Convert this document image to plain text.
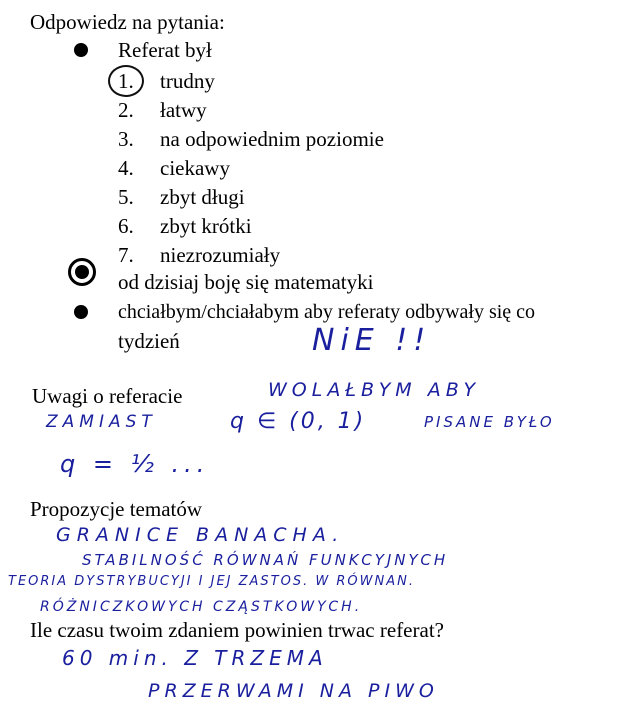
Odpowiedz na pytania:
Referat był
1. trudny
2. łatwy
3. na odpowiednim poziomie
4. ciekawy
5. zbyt długi
6. zbyt krótki
7. niezrozumiały
od dzisiaj boję się matematyki
chciałbym/chciałabym aby referaty odbywały się co
tydzień	NiE !!
Uwagi o referacie	WOLAŁBYM ABY
ZAMIAST	q ∈ (0, 1)	PISANE BYŁO
q = ½ ...
Propozycje tematów
GRANICE BANACHA.
STABILNOŚĆ RÓWNAŃ FUNKCYJNYCH
TEORIA DYSTRYBUCYJI I JEJ ZASTOS. W RÓWNAN.
RÓŻNICZKOWYCH CZĄSTKOWYCH.
Ile czasu twoim zdaniem powinien trwac referat?
60 min. Z TRZEMA
PRZERWAMI NA PIWO
